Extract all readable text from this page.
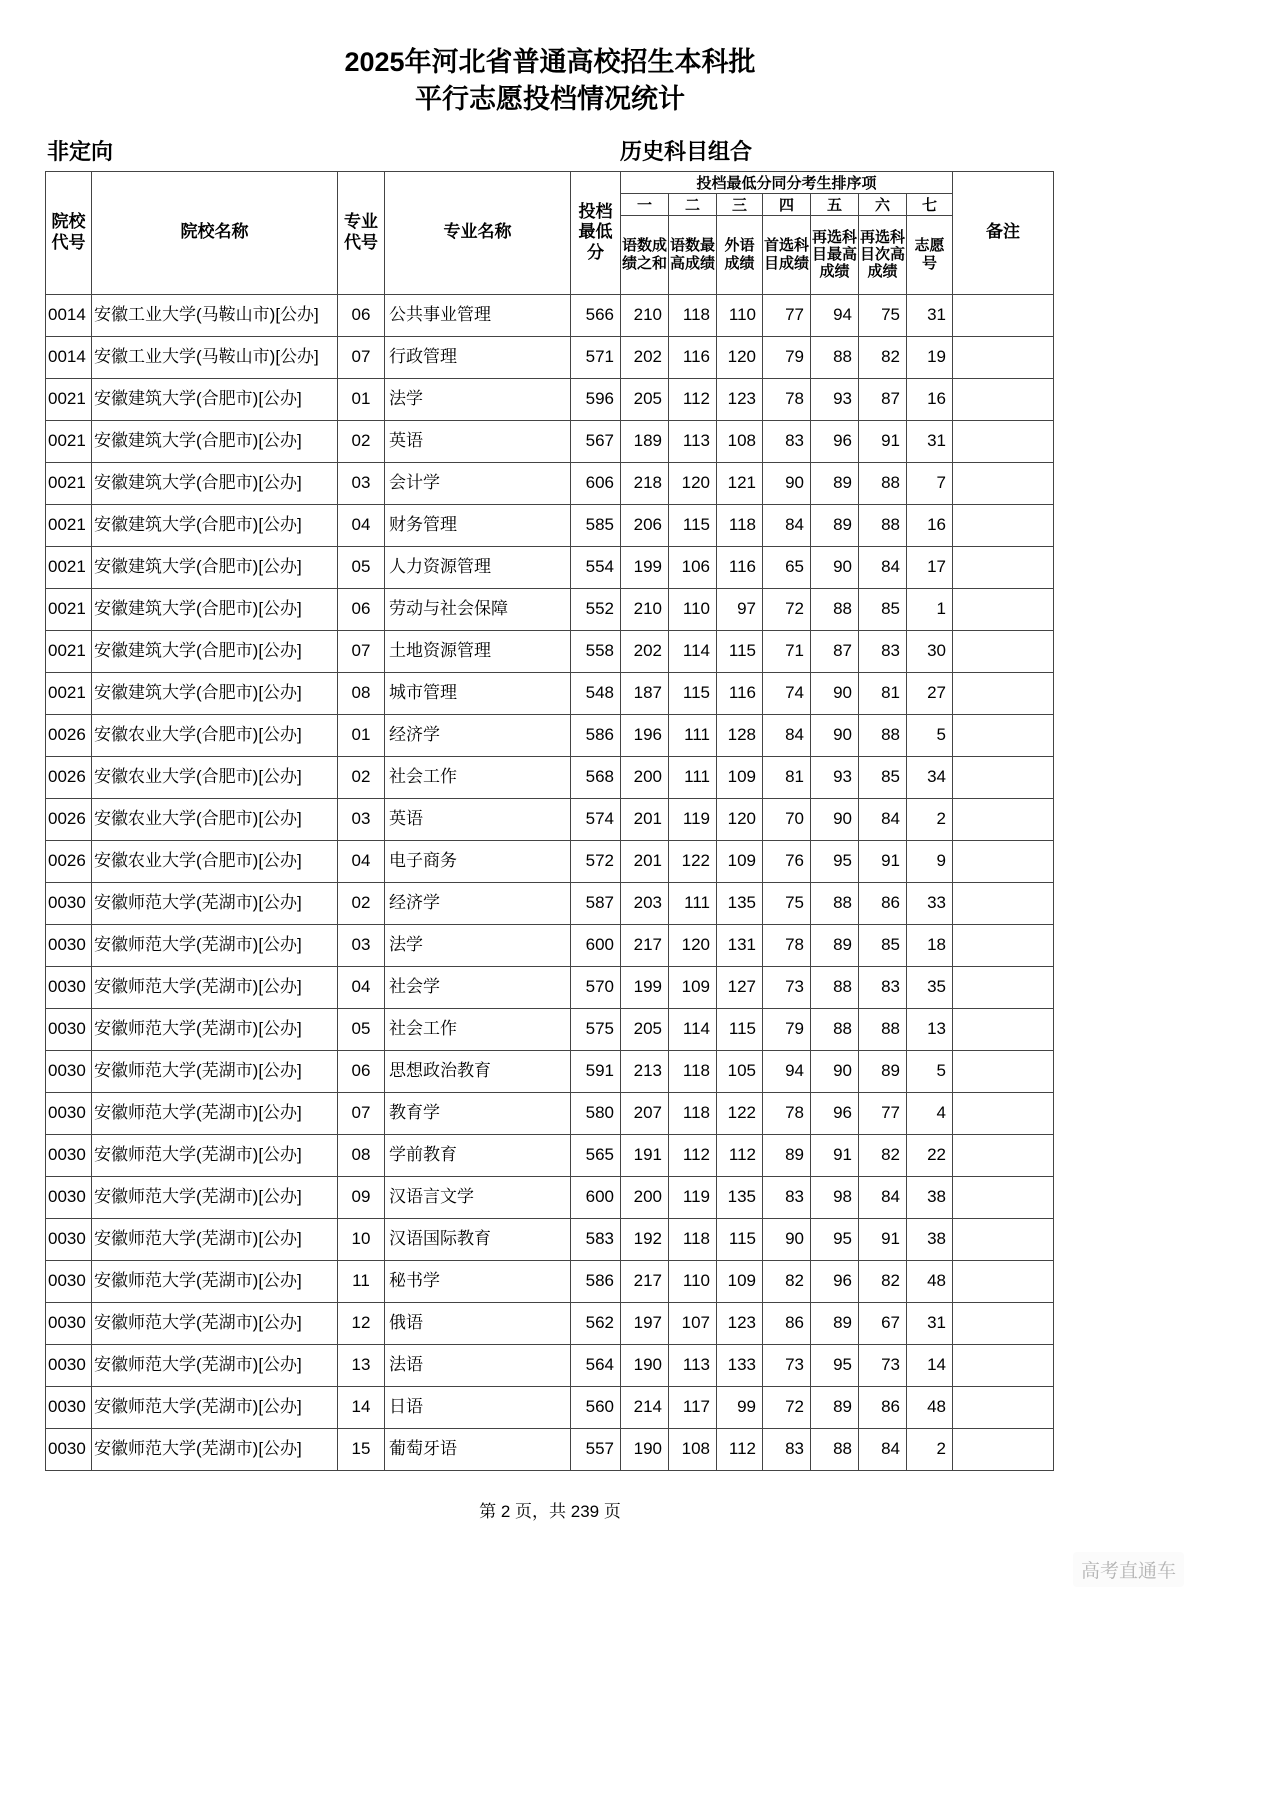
2025年河北省普通高校招生本科批
平行志愿投档情况统计
非定向	历史科目组合
院校代号	院校名称	专业代号	专业名称	投档最低分	投档最低分同分考生排序项							备注
					一	二	三	四	五	六	七	
					语数成绩之和	语数最高成绩	外语成绩	首选科目成绩	再选科目最高成绩	再选科目次高成绩	志愿号	
0014	安徽工业大学(马鞍山市)[公办]	06	公共事业管理	566	210	118	110	77	94	75	31	
0014	安徽工业大学(马鞍山市)[公办]	07	行政管理	571	202	116	120	79	88	82	19	
0021	安徽建筑大学(合肥市)[公办]	01	法学	596	205	112	123	78	93	87	16	
0021	安徽建筑大学(合肥市)[公办]	02	英语	567	189	113	108	83	96	91	31	
0021	安徽建筑大学(合肥市)[公办]	03	会计学	606	218	120	121	90	89	88	7	
0021	安徽建筑大学(合肥市)[公办]	04	财务管理	585	206	115	118	84	89	88	16	
0021	安徽建筑大学(合肥市)[公办]	05	人力资源管理	554	199	106	116	65	90	84	17	
0021	安徽建筑大学(合肥市)[公办]	06	劳动与社会保障	552	210	110	97	72	88	85	1	
0021	安徽建筑大学(合肥市)[公办]	07	土地资源管理	558	202	114	115	71	87	83	30	
0021	安徽建筑大学(合肥市)[公办]	08	城市管理	548	187	115	116	74	90	81	27	
0026	安徽农业大学(合肥市)[公办]	01	经济学	586	196	111	128	84	90	88	5	
0026	安徽农业大学(合肥市)[公办]	02	社会工作	568	200	111	109	81	93	85	34	
0026	安徽农业大学(合肥市)[公办]	03	英语	574	201	119	120	70	90	84	2	
0026	安徽农业大学(合肥市)[公办]	04	电子商务	572	201	122	109	76	95	91	9	
0030	安徽师范大学(芜湖市)[公办]	02	经济学	587	203	111	135	75	88	86	33	
0030	安徽师范大学(芜湖市)[公办]	03	法学	600	217	120	131	78	89	85	18	
0030	安徽师范大学(芜湖市)[公办]	04	社会学	570	199	109	127	73	88	83	35	
0030	安徽师范大学(芜湖市)[公办]	05	社会工作	575	205	114	115	79	88	88	13	
0030	安徽师范大学(芜湖市)[公办]	06	思想政治教育	591	213	118	105	94	90	89	5	
0030	安徽师范大学(芜湖市)[公办]	07	教育学	580	207	118	122	78	96	77	4	
0030	安徽师范大学(芜湖市)[公办]	08	学前教育	565	191	112	112	89	91	82	22	
0030	安徽师范大学(芜湖市)[公办]	09	汉语言文学	600	200	119	135	83	98	84	38	
0030	安徽师范大学(芜湖市)[公办]	10	汉语国际教育	583	192	118	115	90	95	91	38	
0030	安徽师范大学(芜湖市)[公办]	11	秘书学	586	217	110	109	82	96	82	48	
0030	安徽师范大学(芜湖市)[公办]	12	俄语	562	197	107	123	86	89	67	31	
0030	安徽师范大学(芜湖市)[公办]	13	法语	564	190	113	133	73	95	73	14	
0030	安徽师范大学(芜湖市)[公办]	14	日语	560	214	117	99	72	89	86	48	
0030	安徽师范大学(芜湖市)[公办]	15	葡萄牙语	557	190	108	112	83	88	84	2	
第 2 页，共 239 页
高考直通车
